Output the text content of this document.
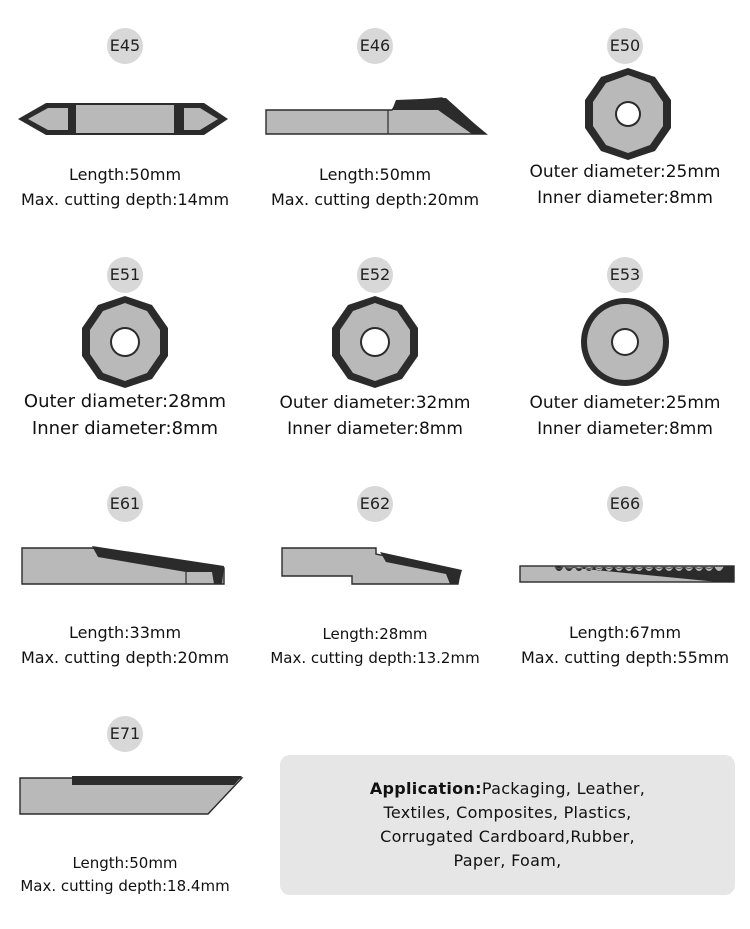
E45
Length:50mm
Max. cutting depth:14mm
E46
Length:50mm
Max. cutting depth:20mm
E50
Outer diameter:25mm
Inner diameter:8mm
E51
Outer diameter:28mm
Inner diameter:8mm
E52
Outer diameter:32mm
Inner diameter:8mm
E53
Outer diameter:25mm
Inner diameter:8mm
E61
Length:33mm
Max. cutting depth:20mm
E62
Length:28mm
Max. cutting depth:13.2mm
E66
Length:67mm
Max. cutting depth:55mm
E71
Length:50mm
Max. cutting depth:18.4mm
Application:Packaging, Leather,
Textiles, Composites, Plastics,
Corrugated Cardboard,Rubber,
Paper, Foam,
